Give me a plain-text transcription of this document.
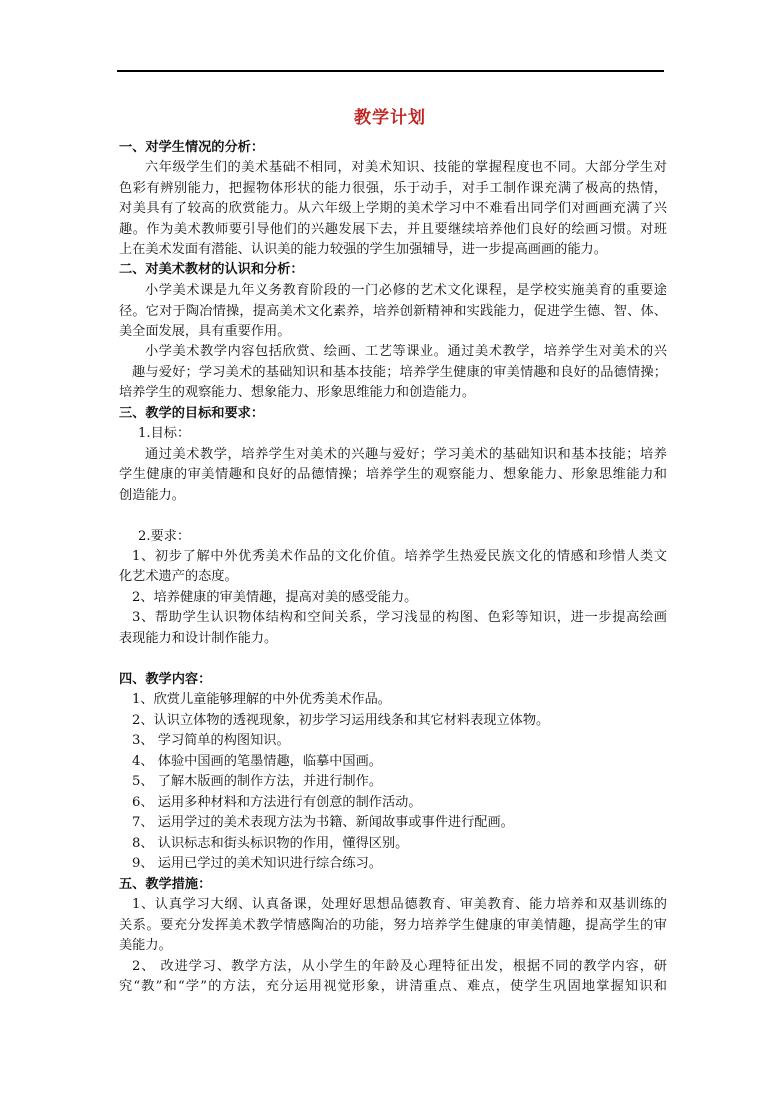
教学计划
一、对学生情况的分析：
六年级学生们的美术基础不相同，对美术知识、技能的掌握程度也不同。大部分学生对
色彩有辨别能力，把握物体形状的能力很强，乐于动手，对手工制作课充满了极高的热情，
对美具有了较高的欣赏能力。从六年级上学期的美术学习中不难看出同学们对画画充满了兴
趣。作为美术教师要引导他们的兴趣发展下去，并且要继续培养他们良好的绘画习惯。对班
上在美术发面有潜能、认识美的能力较强的学生加强辅导，进一步提高画画的能力。
二、对美术教材的认识和分析：
小学美术课是九年义务教育阶段的一门必修的艺术文化课程，是学校实施美育的重要途
径。它对于陶冶情操，提高美术文化素养，培养创新精神和实践能力，促进学生德、智、体、
美全面发展，具有重要作用。
小学美术教学内容包括欣赏、绘画、工艺等课业。通过美术教学，培养学生对美术的兴
趣与爱好；学习美术的基础知识和基本技能；培养学生健康的审美情趣和良好的品德情操；
培养学生的观察能力、想象能力、形象思维能力和创造能力。
三、教学的目标和要求：
1.目标：
通过美术教学，培养学生对美术的兴趣与爱好；学习美术的基础知识和基本技能；培养
学生健康的审美情趣和良好的品德情操；培养学生的观察能力、想象能力、形象思维能力和
创造能力。
2.要求：
1、初步了解中外优秀美术作品的文化价值。培养学生热爱民族文化的情感和珍惜人类文
化艺术遗产的态度。
2、培养健康的审美情趣，提高对美的感受能力。
3、帮助学生认识物体结构和空间关系，学习浅显的构图、色彩等知识，进一步提高绘画
表现能力和设计制作能力。
四、教学内容：
1、欣赏儿童能够理解的中外优秀美术作品。
2、认识立体物的透视现象，初步学习运用线条和其它材料表现立体物。
3、 学习简单的构图知识。
4、 体验中国画的笔墨情趣，临摹中国画。
5、 了解木版画的制作方法，并进行制作。
6、 运用多种材料和方法进行有创意的制作活动。
7、 运用学过的美术表现方法为书籍、新闻故事或事件进行配画。
8、 认识标志和街头标识物的作用，懂得区别。
9、 运用已学过的美术知识进行综合练习。
五、教学措施：
1、认真学习大纲、认真备课，处理好思想品德教育、审美教育、能力培养和双基训练的
关系。要充分发挥美术教学情感陶冶的功能，努力培养学生健康的审美情趣，提高学生的审
美能力。
2、 改进学习、教学方法，从小学生的年龄及心理特征出发，根据不同的教学内容，研
究“教”和“学”的方法，充分运用视觉形象，讲清重点、难点，使学生巩固地掌握知识和
